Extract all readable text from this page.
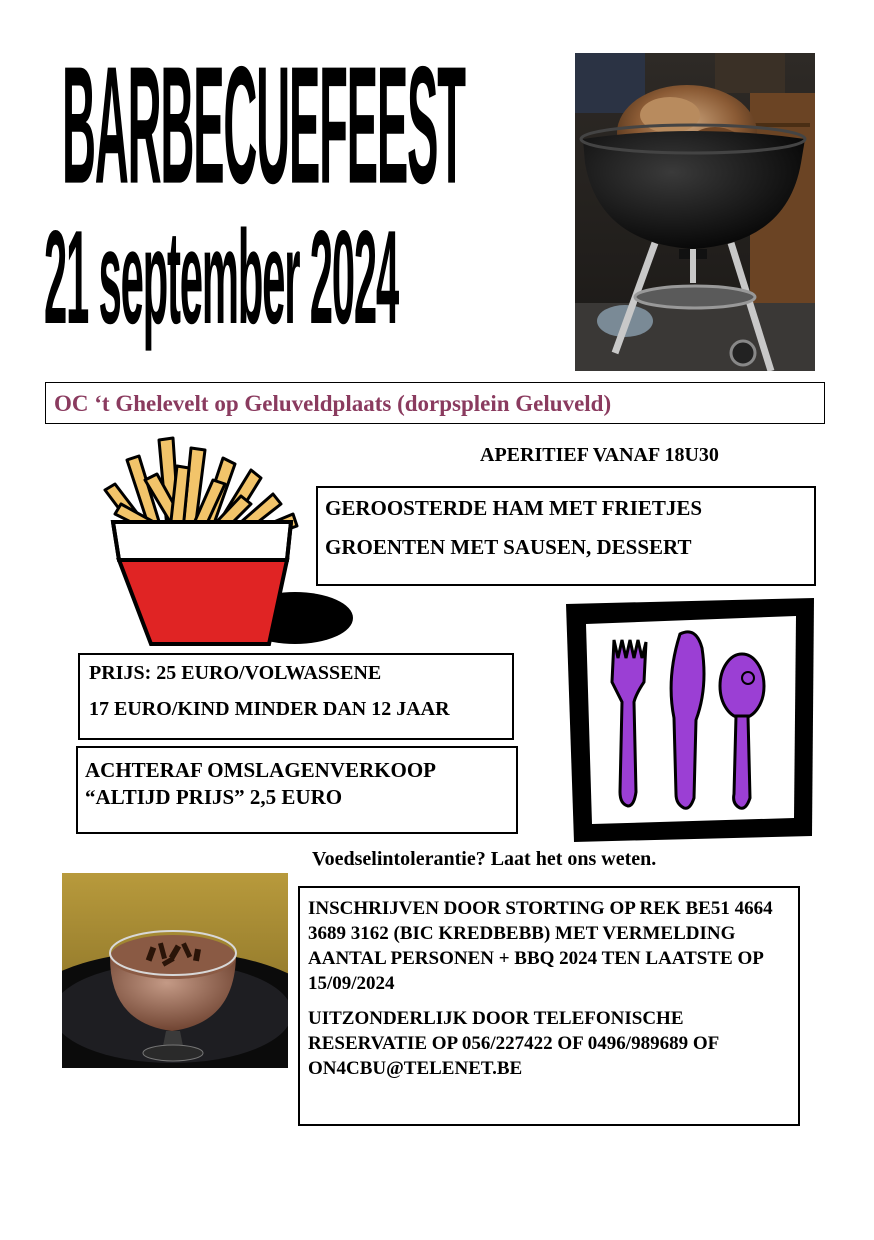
BARBECUEFEEST
21 september 2024
OC ‘t Ghelevelt op Geluveldplaats (dorpsplein Geluveld)
APERITIEF VANAF 18U30
GEROOSTERDE HAM MET FRIETJES
GROENTEN MET SAUSEN, DESSERT
PRIJS: 25 EURO/VOLWASSENE
17 EURO/KIND MINDER DAN 12 JAAR
ACHTERAF OMSLAGENVERKOOP
“ALTIJD PRIJS” 2,5 EURO
Voedselintolerantie? Laat het ons weten.
INSCHRIJVEN DOOR STORTING OP REK BE51 4664 3689 3162 (BIC KREDBEBB) MET VERMELDING AANTAL PERSONEN + BBQ 2024 TEN LAATSTE OP 15/09/2024
UITZONDERLIJK DOOR TELEFONISCHE RESERVATIE OP 056/227422 OF 0496/989689 OF ON4CBU@TELENET.BE
